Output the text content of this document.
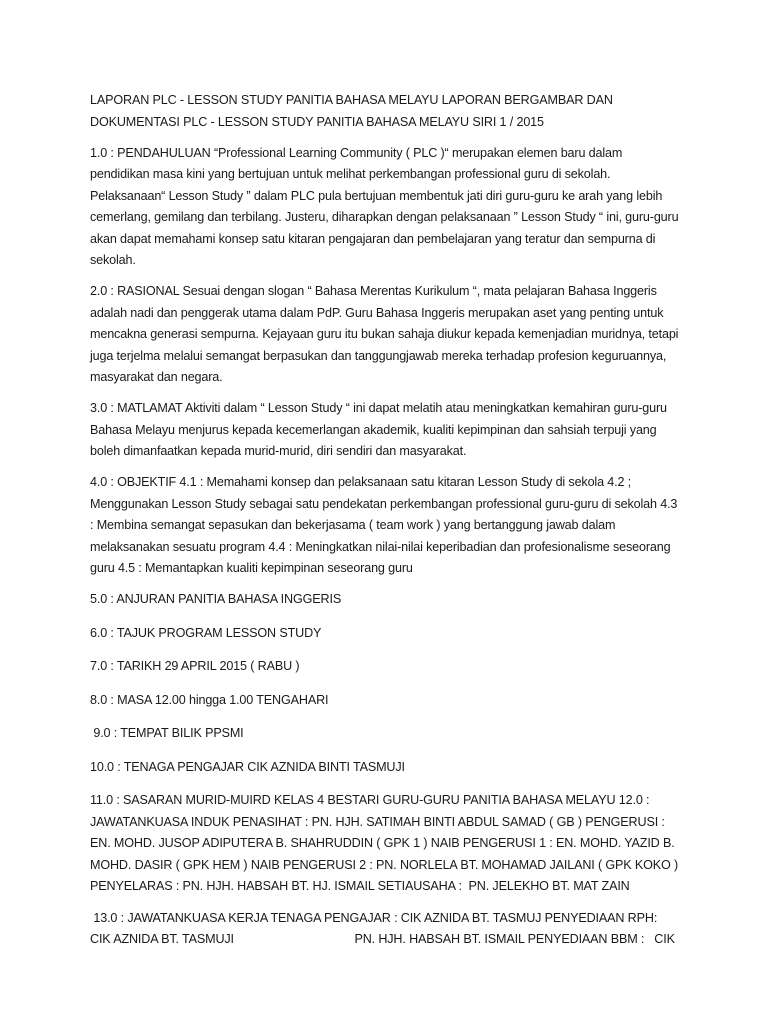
LAPORAN PLC - LESSON STUDY PANITIA BAHASA MELAYU LAPORAN BERGAMBAR DAN DOKUMENTASI PLC - LESSON STUDY PANITIA BAHASA MELAYU SIRI 1 / 2015

1.0 : PENDAHULUAN “Professional Learning Community ( PLC )“ merupakan elemen baru dalam pendidikan masa kini yang bertujuan untuk melihat perkembangan professional guru di sekolah. Pelaksanaan“ Lesson Study ” dalam PLC pula bertujuan membentuk jati diri guru-guru ke arah yang lebih cemerlang, gemilang dan terbilang. Justeru, diharapkan dengan pelaksanaan ” Lesson Study “ ini, guru-guru akan dapat memahami konsep satu kitaran pengajaran dan pembelajaran yang teratur dan sempurna di sekolah.

2.0 : RASIONAL Sesuai dengan slogan “ Bahasa Merentas Kurikulum “, mata pelajaran Bahasa Inggeris adalah nadi dan penggerak utama dalam PdP. Guru Bahasa Inggeris merupakan aset yang penting untuk mencakna generasi sempurna. Kejayaan guru itu bukan sahaja diukur kepada kemenjadian muridnya, tetapi juga terjelma melalui semangat berpasukan dan tanggungjawab mereka terhadap profesion keguruannya, masyarakat dan negara.

3.0 : MATLAMAT Aktiviti dalam “ Lesson Study “ ini dapat melatih atau meningkatkan kemahiran guru-guru Bahasa Melayu menjurus kepada kecemerlangan akademik, kualiti kepimpinan dan sahsiah terpuji yang boleh dimanfaatkan kepada murid-murid, diri sendiri dan masyarakat.

4.0 : OBJEKTIF 4.1 : Memahami konsep dan pelaksanaan satu kitaran Lesson Study di sekola 4.2 ; Menggunakan Lesson Study sebagai satu pendekatan perkembangan professional guru-guru di sekolah 4.3 : Membina semangat sepasukan dan bekerjasama ( team work ) yang bertanggung jawab dalam melaksanakan sesuatu program 4.4 : Meningkatkan nilai-nilai keperibadian dan profesionalisme seseorang guru 4.5 : Memantapkan kualiti kepimpinan seseorang guru

5.0 : ANJURAN PANITIA BAHASA INGGERIS

6.0 : TAJUK PROGRAM LESSON STUDY

7.0 : TARIKH 29 APRIL 2015 ( RABU )

8.0 : MASA 12.00 hingga 1.00 TENGAHARI

9.0 : TEMPAT BILIK PPSMI

10.0 : TENAGA PENGAJAR CIK AZNIDA BINTI TASMUJI

11.0 : SASARAN MURID-MUIRD KELAS 4 BESTARI GURU-GURU PANITIA BAHASA MELAYU 12.0 : JAWATANKUASA INDUK PENASIHAT : PN. HJH. SATIMAH BINTI ABDUL SAMAD ( GB ) PENGERUSI : EN. MOHD. JUSOP ADIPUTERA B. SHAHRUDDIN ( GPK 1 ) NAIB PENGERUSI 1 : EN. MOHD. YAZID B. MOHD. DASIR ( GPK HEM ) NAIB PENGERUSI 2 : PN. NORLELA BT. MOHAMAD JAILANI ( GPK KOKO ) PENYELARAS : PN. HJH. HABSAH BT. HJ. ISMAIL SETIAUSAHA :  PN. JELEKHO BT. MAT ZAIN

13.0 : JAWATANKUASA KERJA TENAGA PENGAJAR : CIK AZNIDA BT. TASMUJ PENYEDIAAN RPH:     CIK AZNIDA BT. TASMUJI                                    PN. HJH. HABSAH BT. ISMAIL PENYEDIAAN BBM :   CIK
